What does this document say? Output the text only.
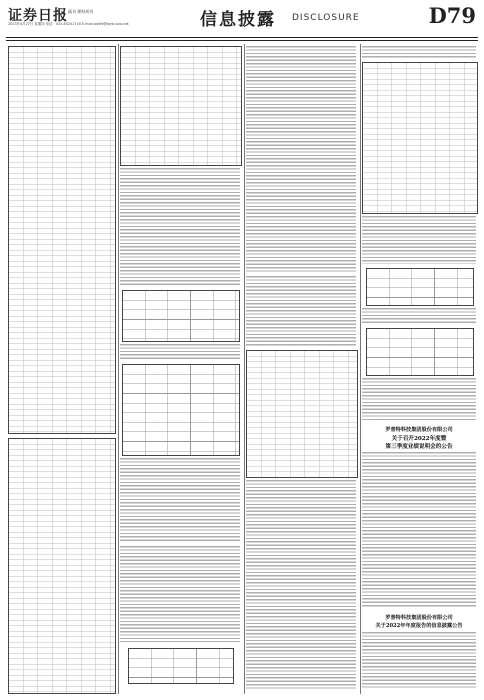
证券日报 副刊 理财周刊
2023年4月27日 星期四 电话：010-83251716 E-mail:zqrb9@zqrb.sina.net	信息披露 DISCLOSURE	D79
罗普特科技集团股份有限公司
关于召开2022年度暨
第三季度业绩说明会的公告
罗普特科技集团股份有限公司
关于2022年年度报告的信息披露公告
